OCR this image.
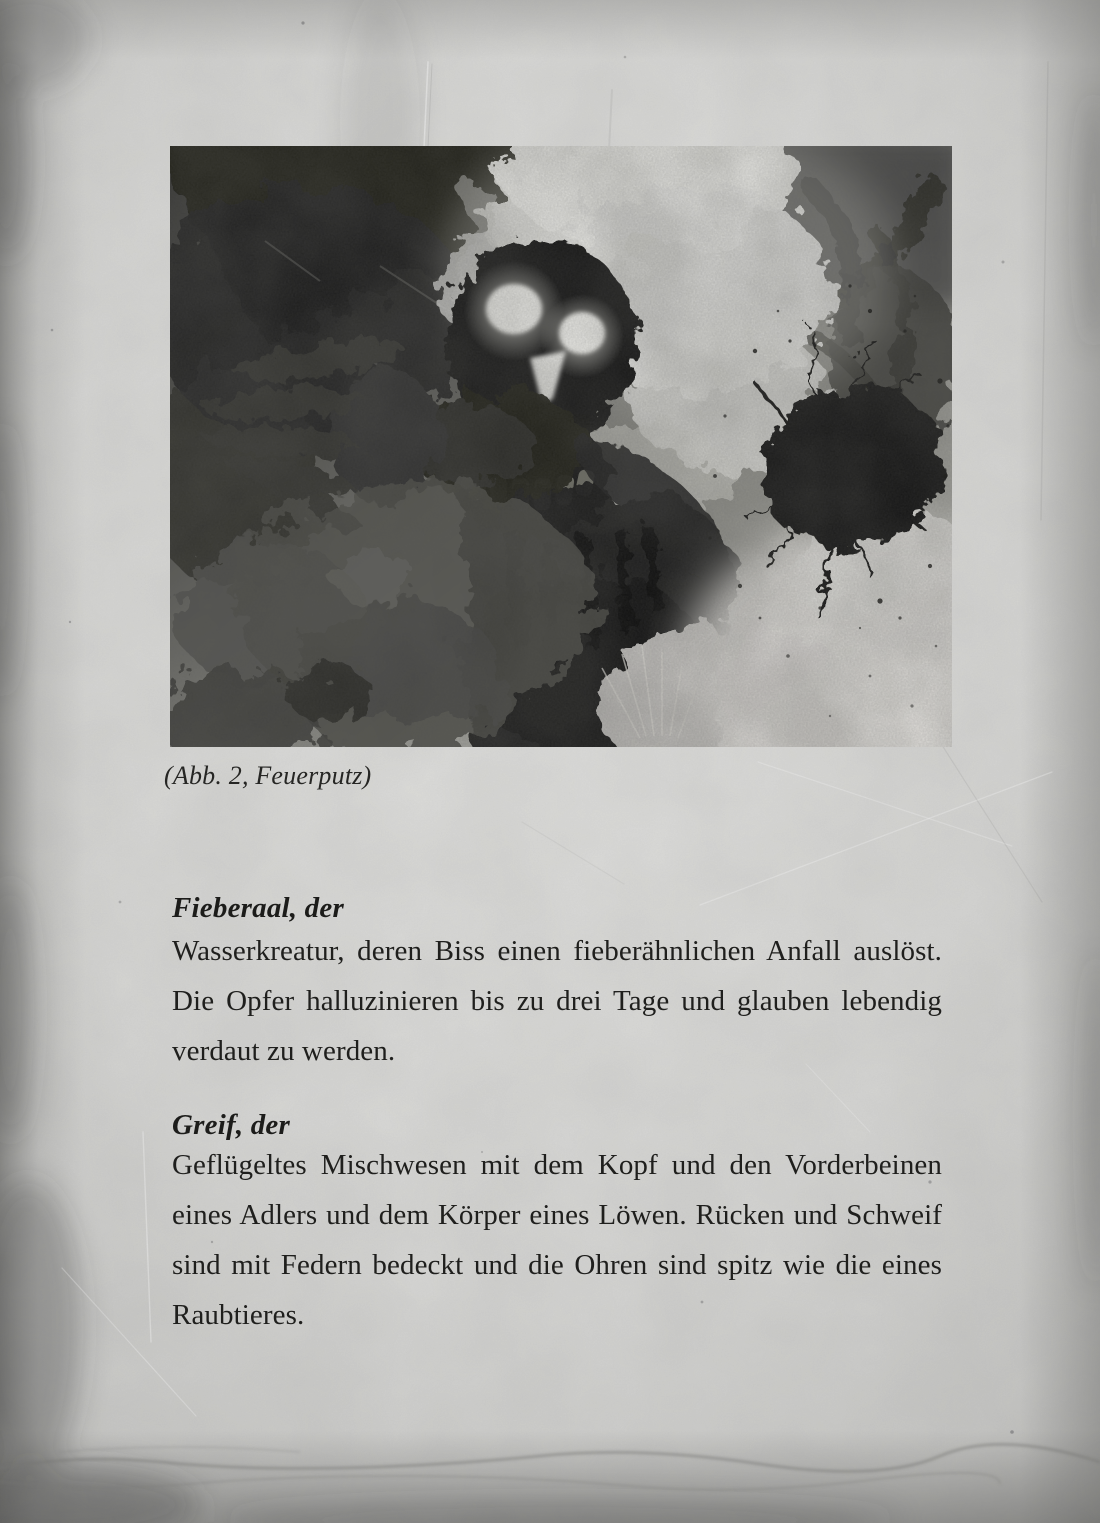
(Abb. 2, Feuerputz)
Fieberaal, der

Wasserkreatur, deren Biss einen fieberähnlichen Anfall auslöst. Die Opfer halluzinieren bis zu drei Tage und glauben lebendig verdaut zu werden.

Greif, der

Geflügeltes Mischwesen mit dem Kopf und den Vorderbeinen eines Adlers und dem Körper eines Löwen. Rücken und Schweif sind mit Federn bedeckt und die Ohren sind spitz wie die eines Raubtieres.
